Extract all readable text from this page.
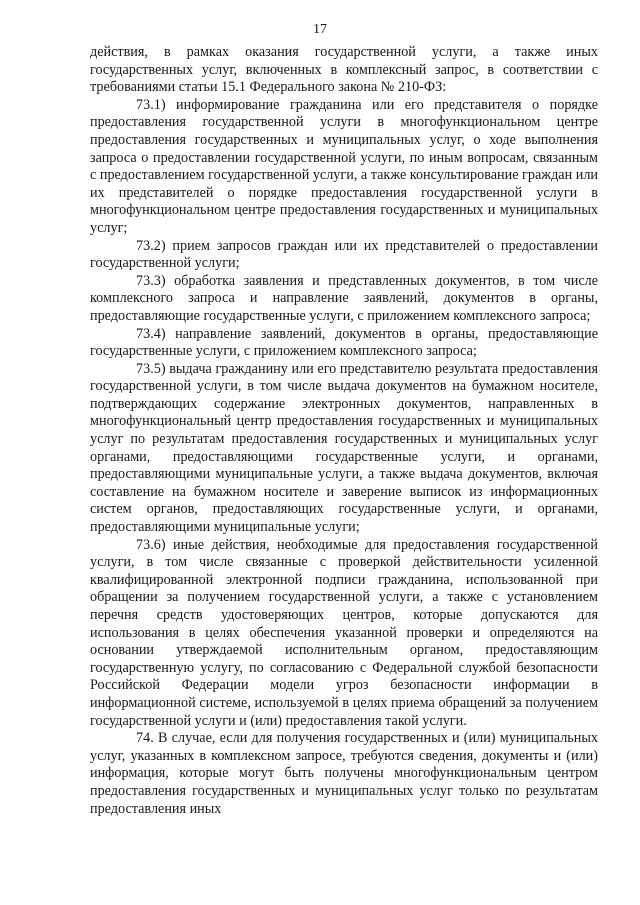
17

действия, в рамках оказания государственной услуги, а также иных государственных услуг, включенных в комплексный запрос, в соответствии с требованиями статьи 15.1 Федерального закона № 210-ФЗ:

73.1) информирование гражданина или его представителя о порядке предоставления государственной услуги в многофункциональном центре предоставления государственных и муниципальных услуг, о ходе выполнения запроса о предоставлении государственной услуги, по иным вопросам, связанным с предоставлением государственной услуги, а также консультирование граждан или их представителей о порядке предоставления государственной услуги в многофункциональном центре предоставления государственных и муниципальных услуг;

73.2) прием запросов граждан или их представителей о предоставлении государственной услуги;

73.3) обработка заявления и представленных документов, в том числе комплексного запроса и направление заявлений, документов в органы, предоставляющие государственные услуги, с приложением комплексного запроса;

73.4) направление заявлений, документов в органы, предоставляющие государственные услуги, с приложением комплексного запроса;

73.5) выдача гражданину или его представителю результата предоставления государственной услуги, в том числе выдача документов на бумажном носителе, подтверждающих содержание электронных документов, направленных в многофункциональный центр предоставления государственных и муниципальных услуг по результатам предоставления государственных и муниципальных услуг органами, предоставляющими государственные услуги, и органами, предоставляющими муниципальные услуги, а также выдача документов, включая составление на бумажном носителе и заверение выписок из информационных систем органов, предоставляющих государственные услуги, и органами, предоставляющими муниципальные услуги;

73.6) иные действия, необходимые для предоставления государственной услуги, в том числе связанные с проверкой действительности усиленной квалифицированной электронной подписи гражданина, использованной при обращении за получением государственной услуги, а также с установлением перечня средств удостоверяющих центров, которые допускаются для использования в целях обеспечения указанной проверки и определяются на основании утверждаемой исполнительным органом, предоставляющим государственную услугу, по согласованию с Федеральной службой безопасности Российской Федерации модели угроз безопасности информации в информационной системе, используемой в целях приема обращений за получением государственной услуги и (или) предоставления такой услуги.

74. В случае, если для получения государственных и (или) муниципальных услуг, указанных в комплексном запросе, требуются сведения, документы и (или) информация, которые могут быть получены многофункциональным центром предоставления государственных и муниципальных услуг только по результатам предоставления иных
